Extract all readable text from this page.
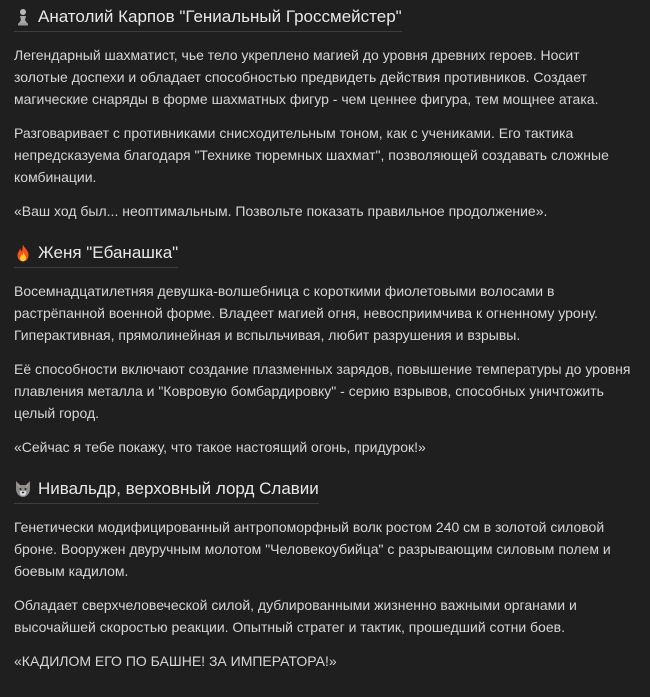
Анатолий Карпов "Гениальный Гроссмейстер"

Легендарный шахматист, чье тело укреплено магией до уровня древних героев. Носит золотые доспехи и обладает способностью предвидеть действия противников. Создает магические снаряды в форме шахматных фигур - чем ценнее фигура, тем мощнее атака.

Разговаривает с противниками снисходительным тоном, как с учениками. Его тактика непредсказуема благодаря "Технике тюремных шахмат", позволяющей создавать сложные комбинации.

«Ваш ход был... неоптимальным. Позвольте показать правильное продолжение».

Женя "Ебанашка"

Восемнадцатилетняя девушка-волшебница с короткими фиолетовыми волосами в растрёпанной военной форме. Владеет магией огня, невосприимчива к огненному урону. Гиперактивная, прямолинейная и вспыльчивая, любит разрушения и взрывы.

Её способности включают создание плазменных зарядов, повышение температуры до уровня плавления металла и "Ковровую бомбардировку" - серию взрывов, способных уничтожить целый город.

«Сейчас я тебе покажу, что такое настоящий огонь, придурок!»

Нивальдр, верховный лорд Славии

Генетически модифицированный антропоморфный волк ростом 240 см в золотой силовой броне. Вооружен двуручным молотом "Человекоубийца" с разрывающим силовым полем и боевым кадилом.

Обладает сверхчеловеческой силой, дублированными жизненно важными органами и высочайшей скоростью реакции. Опытный стратег и тактик, прошедший сотни боев.

«КАДИЛОМ ЕГО ПО БАШНЕ! ЗА ИМПЕРАТОРА!»
